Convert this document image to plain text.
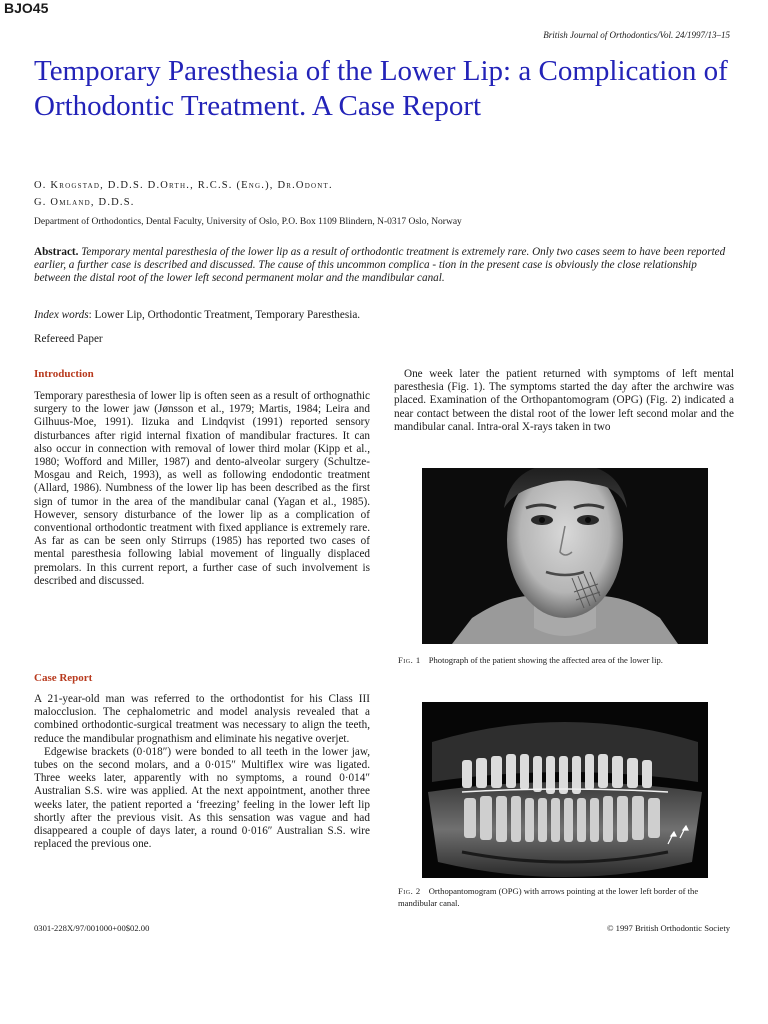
BJO45
British Journal of Orthodontics/Vol. 24/1997/13–15
Temporary Paresthesia of the Lower Lip: a Complication of Orthodontic Treatment. A Case Report
O. Krogstad, D.D.S. D.Orth., R.C.S. (Eng.), Dr.Odont.
G. Omland, D.D.S.
Department of Orthodontics, Dental Faculty, University of Oslo, P.O. Box 1109 Blindern, N-0317 Oslo, Norway
Abstract. Temporary mental paresthesia of the lower lip as a result of orthodontic treatment is extremely rare. Only two cases seem to have been reported earlier, a further case is described and discussed. The cause of this uncommon complica - tion in the present case is obviously the close relationship between the distal root of the lower left second permanent molar and the mandibular canal.
Index words: Lower Lip, Orthodontic Treatment, Temporary Paresthesia.
Refereed Paper
Introduction

Temporary paresthesia of lower lip is often seen as a result of orthognathic surgery to the lower jaw (Jønsson et al., 1979; Martis, 1984; Leira and Gilhuus-Moe, 1991). Iizuka and Lindqvist (1991) reported sensory disturbances after rigid internal fixation of mandibular fractures. It can also occur in connection with removal of lower third molar (Kipp et al., 1980; Wofford and Miller, 1987) and dento-alveolar surgery (Schultze-Mosgau and Reich, 1993), as well as following endodontic treatment (Allard, 1986). Numbness of the lower lip has been described as the first sign of tumor in the area of the mandibular canal (Yagan et al., 1985). However, sensory disturbance of the lower lip as a complication of conventional orthodontic treatment with fixed appliance is extremely rare. As far as can be seen only Stirrups (1985) has reported two cases of mental paresthesia following labial movement of lingually displaced premolars. In this current report, a further case of such involvement is described and discussed.

Case Report

A 21-year-old man was referred to the orthodontist for his Class III malocclusion. The cephalometric and model analysis revealed that a combined orthodontic-surgical treatment was necessary to align the teeth, reduce the mandibular prognathism and eliminate his negative overjet.

Edgewise brackets (0·018″) were bonded to all teeth in the lower jaw, tubes on the second molars, and a 0·015″ Multiflex wire was ligated. Three weeks later, apparently with no symptoms, a round 0·014″ Australian S.S. wire was applied. At the next appointment, another three weeks later, the patient reported a ‘freezing’ feeling in the lower left lip shortly after the previous visit. As this sensation was vague and had disappeared a couple of days later, a round 0·016″ Australian S.S. wire replaced the previous one.

One week later the patient returned with symptoms of left mental paresthesia (Fig. 1). The symptoms started the day after the archwire was placed. Examination of the Orthopantomogram (OPG) (Fig. 2) indicated a near contact between the distal root of the lower left second molar and the mandibular canal. Intra-oral X-rays taken in two

Fig. 1 Photograph of the patient showing the affected area of the lower lip.
Fig. 2 Orthopantomogram (OPG) with arrows pointing at the lower left border of the mandibular canal.
0301-228X/97/001000+00$02.00	© 1997 British Orthodontic Society
